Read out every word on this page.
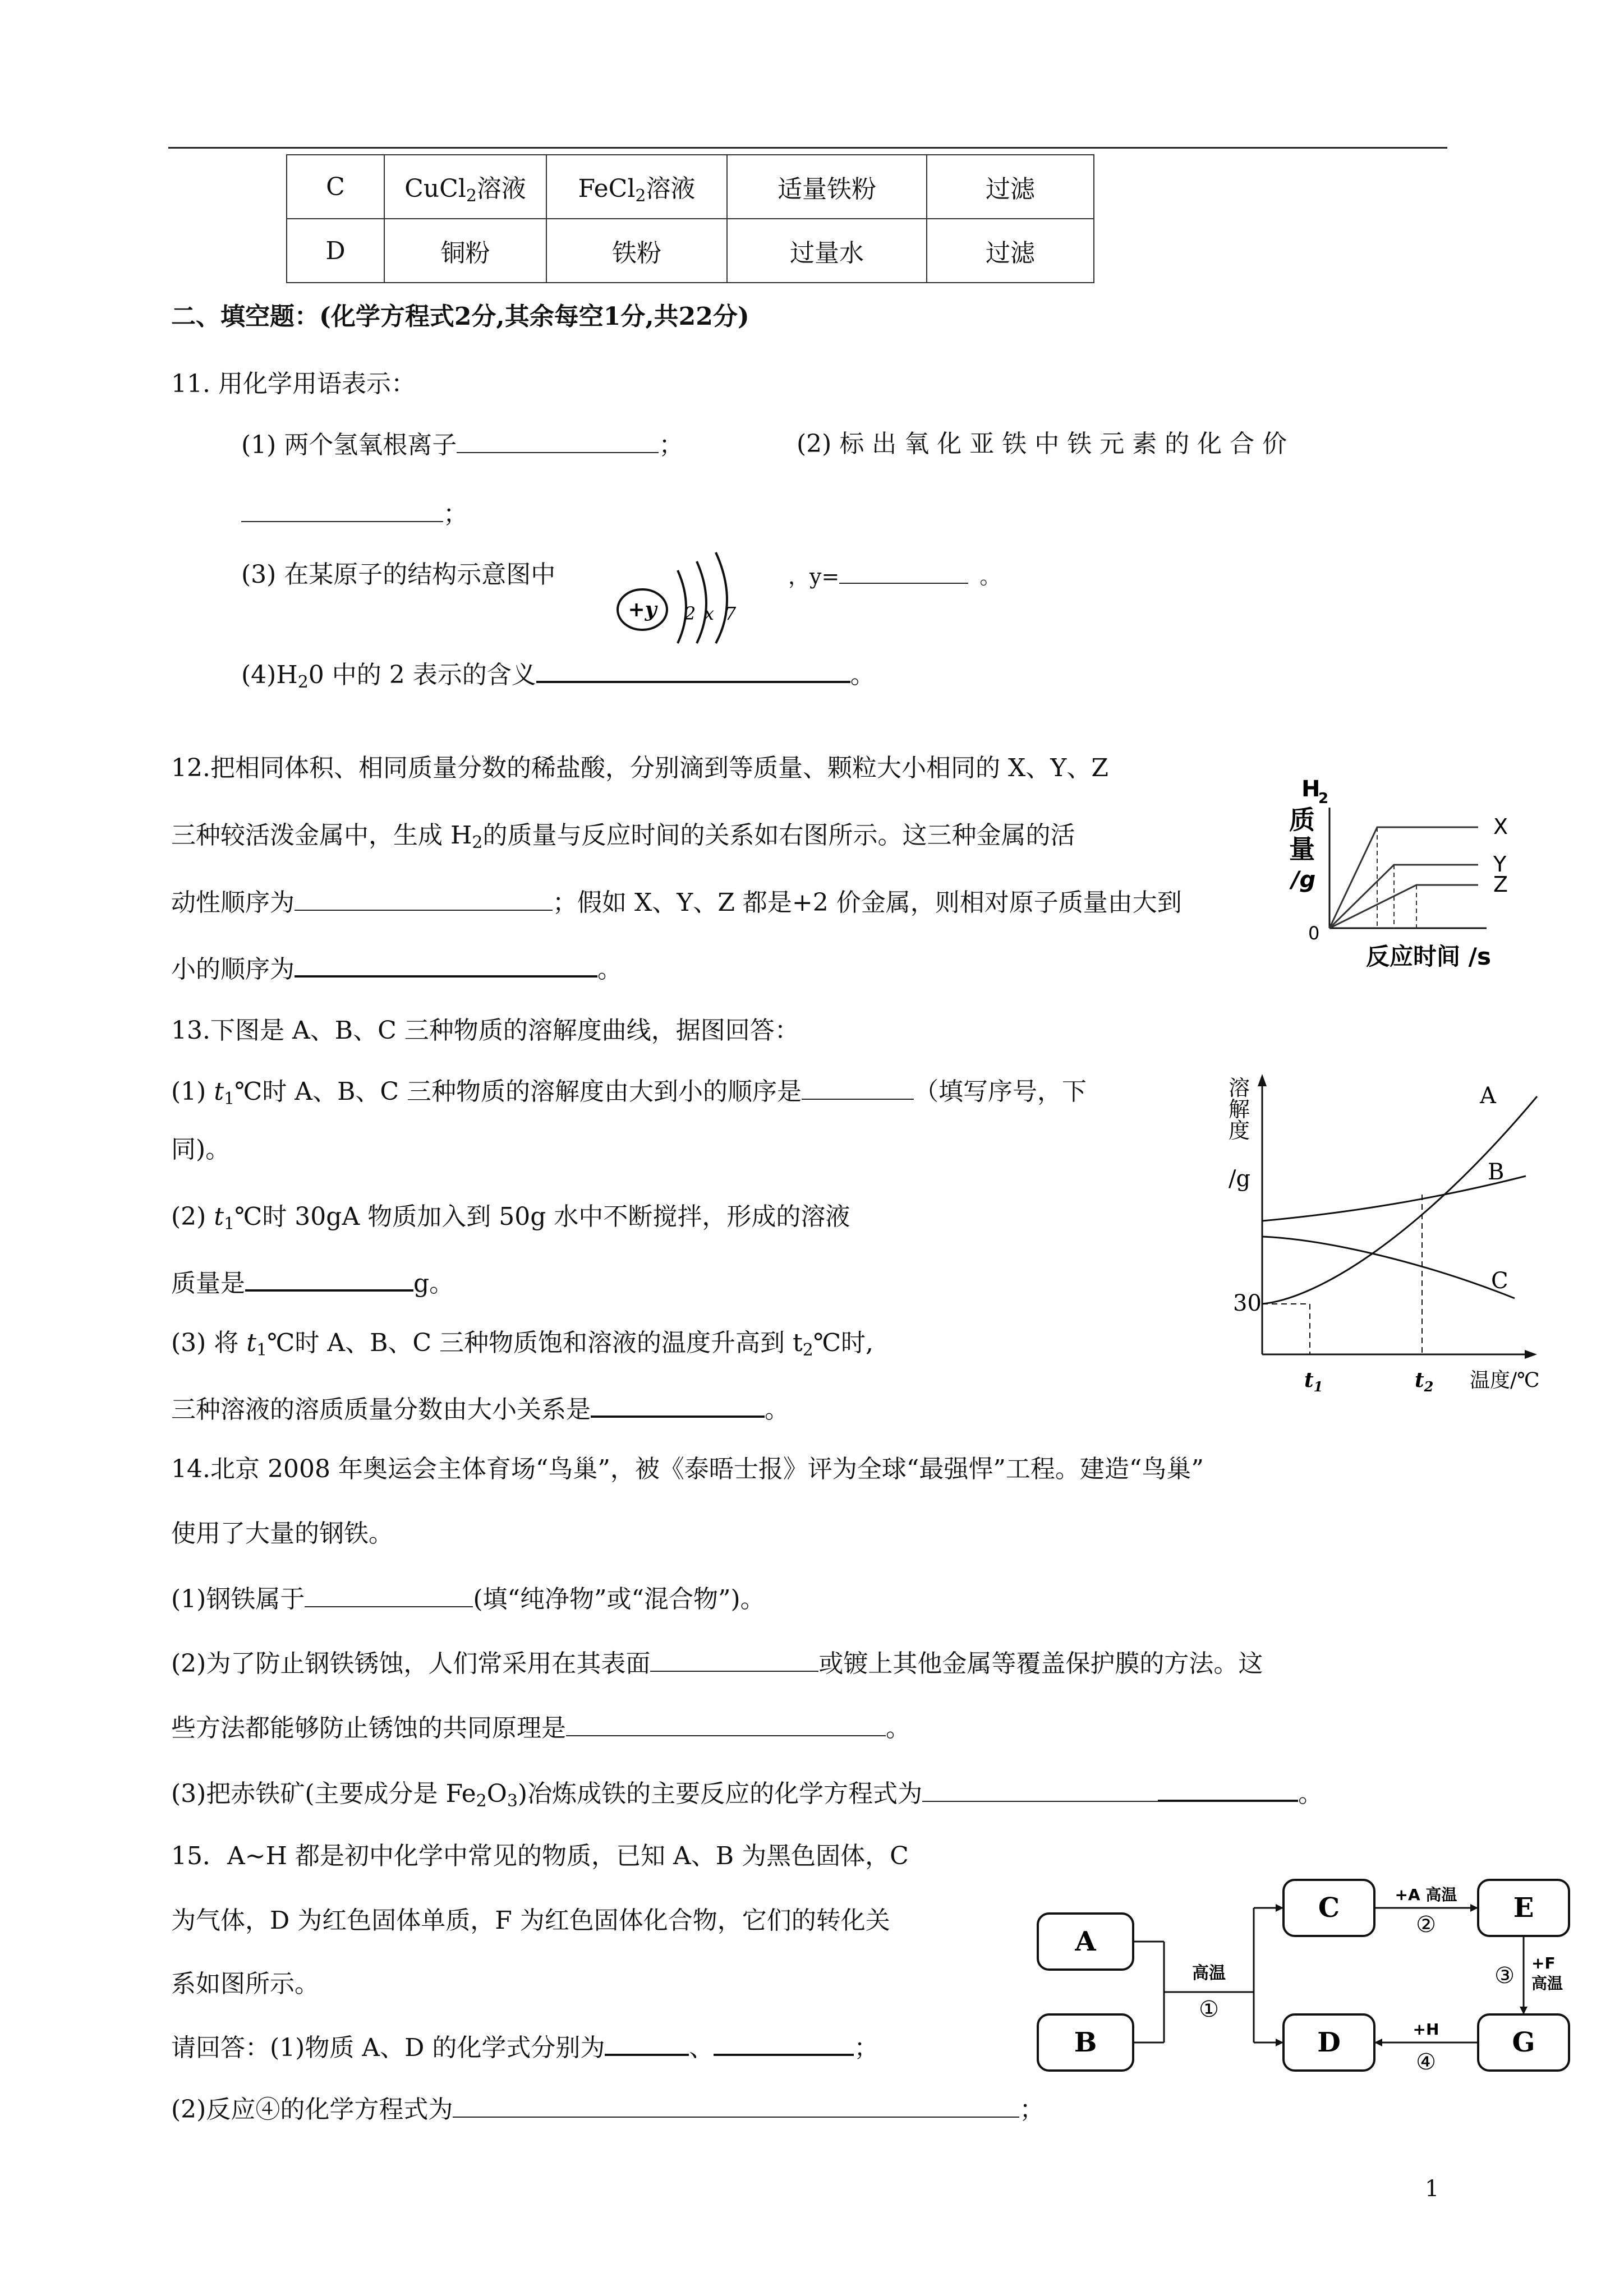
C	CuCl$_2$溶液	FeCl$_2$溶液	适量铁粉	过滤
D	铜粉	铁粉	过量水	过滤
二、填空题：(化学方程式2分,其余每空1分,共22分)
11. 用化学用语表示：
(1) 两个氢氧根离子	；	(2) 标 出 氧 化 亚 铁 中 铁 元 素 的 化 合 价
；
(3) 在某原子的结构示意图中
+y 2 x 7
，y=	。
$(4)H_20$ 中的 2 表示的含义	。
12.把相同体积、相同质量分数的稀盐酸，分别滴到等质量、颗粒大小相同的 X、Y、Z
三种较活泼金属中，生成 $H_2$的质量与反应时间的关系如右图所示。这三种金属的活
动性顺序为	；假如 X、Y、Z 都是+2 价金属，则相对原子质量由大到
小的顺序为	。
H
2
质
量
/g
X
Y
Z
0
反应时间 /s
13.下图是 A、B、C 三种物质的溶解度曲线，据图回答：
(1) $t_1℃$时 A、B、C 三种物质的溶解度由大到小的顺序是	（填写序号，下
同)。
(2) $t_1℃$时 30gA 物质加入到 50g 水中不断搅拌，形成的溶液
质量是	g。
(3) 将 $t_1℃$时 A、B、C 三种物质饱和溶液的温度升高到 $t_2℃$时,
三种溶液的溶质质量分数由大小关系是	。
溶
解
度
/g
30
$t_1$	$t_2$ 温度/℃
A
B
C
14.北京 2008 年奥运会主体育场“鸟巢”，被《泰晤士报》评为全球“最强悍”工程。建造“鸟巢”
使用了大量的钢铁。
(1)钢铁属于	(填“纯净物”或“混合物”)。
(2)为了防止钢铁锈蚀，人们常采用在其表面	或镀上其他金属等覆盖保护膜的方法。这
些方法都能够防止锈蚀的共同原理是	。
(3)把赤铁矿(主要成分是 $Fe_2O_3$)冶炼成铁的主要反应的化学方程式为	。
15．A~H 都是初中化学中常见的物质，已知 A、B 为黑色固体，C
为气体，D 为红色固体单质，F 为红色固体化合物，它们的转化关
系如图所示。
请回答：(1)物质 A、D 的化学式分别为	、	；
(2)反应④的化学方程式为	；
A
B
C	E
D	G
高温
①
+A 高温
②
③ +F
高温
+H
④
1
